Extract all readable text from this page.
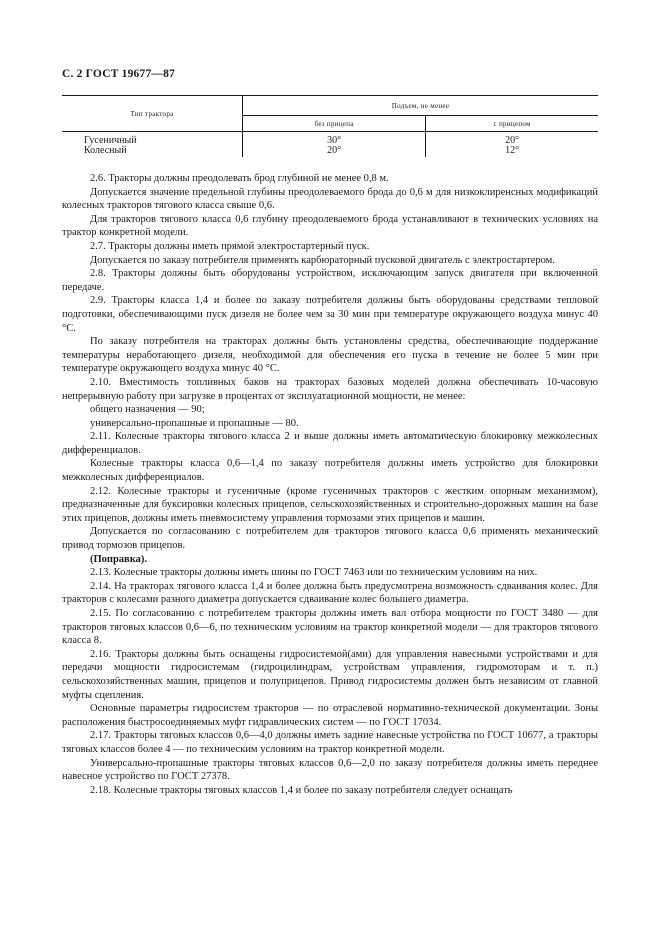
С. 2 ГОСТ 19677—87
Тип трактора	Подъем, не менее	
	без прицепа	с прицепом
Гусеничный	30°	20°
Колесный	20°	12°

2.6. Тракторы должны преодолевать брод глубиной не менее 0,8 м.

Допускается значение предельной глубины преодолеваемого брода до 0,6 м для низкоклиренсных модификаций колесных тракторов тягового класса свыше 0,6.

Для тракторов тягового класса 0,6 глубину преодолеваемого брода устанавливают в технических условиях на трактор конкретной модели.

2.7. Тракторы должны иметь прямой электростартерный пуск.

Допускается по заказу потребителя применять карбюраторный пусковой двигатель с электростартером.

2.8. Тракторы должны быть оборудованы устройством, исключающим запуск двигателя при включенной передаче.

2.9. Тракторы класса 1,4 и более по заказу потребителя должны быть оборудованы средствами тепловой подготовки, обеспечивающими пуск дизеля не более чем за 30 мин при температуре окружающего воздуха минус 40 °С.

По заказу потребителя на тракторах должны быть установлены средства, обеспечивающие поддержание температуры неработающего дизеля, необходимой для обеспечения его пуска в течение не более 5 мин при температуре окружающего воздуха минус 40 °С.

2.10. Вместимость топливных баков на тракторах базовых моделей должна обеспечивать 10-часовую непрерывную работу при загрузке в процентах от эксплуатационной мощности, не менее:

общего назначения — 90;

универсально-пропашные и пропашные — 80.

2.11. Колесные тракторы тягового класса 2 и выше должны иметь автоматическую блокировку межколесных дифференциалов.

Колесные тракторы класса 0,6—1,4 по заказу потребителя должны иметь устройство для блокировки межколесных дифференциалов.

2.12. Колесные тракторы и гусеничные (кроме гусеничных тракторов с жестким опорным механизмом), предназначенные для буксировки колесных прицепов, сельскохозяйственных и строительно-дорожных машин на базе этих прицепов, должны иметь пневмосистему управления тормозами этих прицепов и машин.

Допускается по согласованию с потребителем для тракторов тягового класса 0,6 применять механический привод тормозов прицепов.

(Поправка).

2.13. Колесные тракторы должны иметь шины по ГОСТ 7463 или по техническим условиям на них.

2.14. На тракторах тягового класса 1,4 и более должна быть предусмотрена возможность сдваивания колес. Для тракторов с колесами разного диаметра допускается сдваивание колес большего диаметра.

2.15. По согласованию с потребителем тракторы должны иметь вал отбора мощности по ГОСТ 3480 — для тракторов тяговых классов 0,6—6, по техническим условиям на трактор конкретной модели — для тракторов тягового класса 8.

2.16. Тракторы должны быть оснащены гидросистемой(ами) для управления навесными устройствами и для передачи мощности гидросистемам (гидроцилиндрам, устройствам управления, гидромоторам и т. п.) сельскохозяйственных машин, прицепов и полуприцепов. Привод гидросистемы должен быть независим от главной муфты сцепления.

Основные параметры гидросистем тракторов — по отраслевой нормативно-технической документации. Зоны расположения быстросоединяемых муфт гидравлических систем — по ГОСТ 17034.

2.17. Тракторы тяговых классов 0,6—4,0 должны иметь задние навесные устройства по ГОСТ 10677, а тракторы тяговых классов более 4 — по техническим условиям на трактор конкретной модели.

Универсально-пропашные тракторы тяговых классов 0,6—2,0 по заказу потребителя должны иметь переднее навесное устройство по ГОСТ 27378.

2.18. Колесные тракторы тяговых классов 1,4 и более по заказу потребителя следует оснащать
